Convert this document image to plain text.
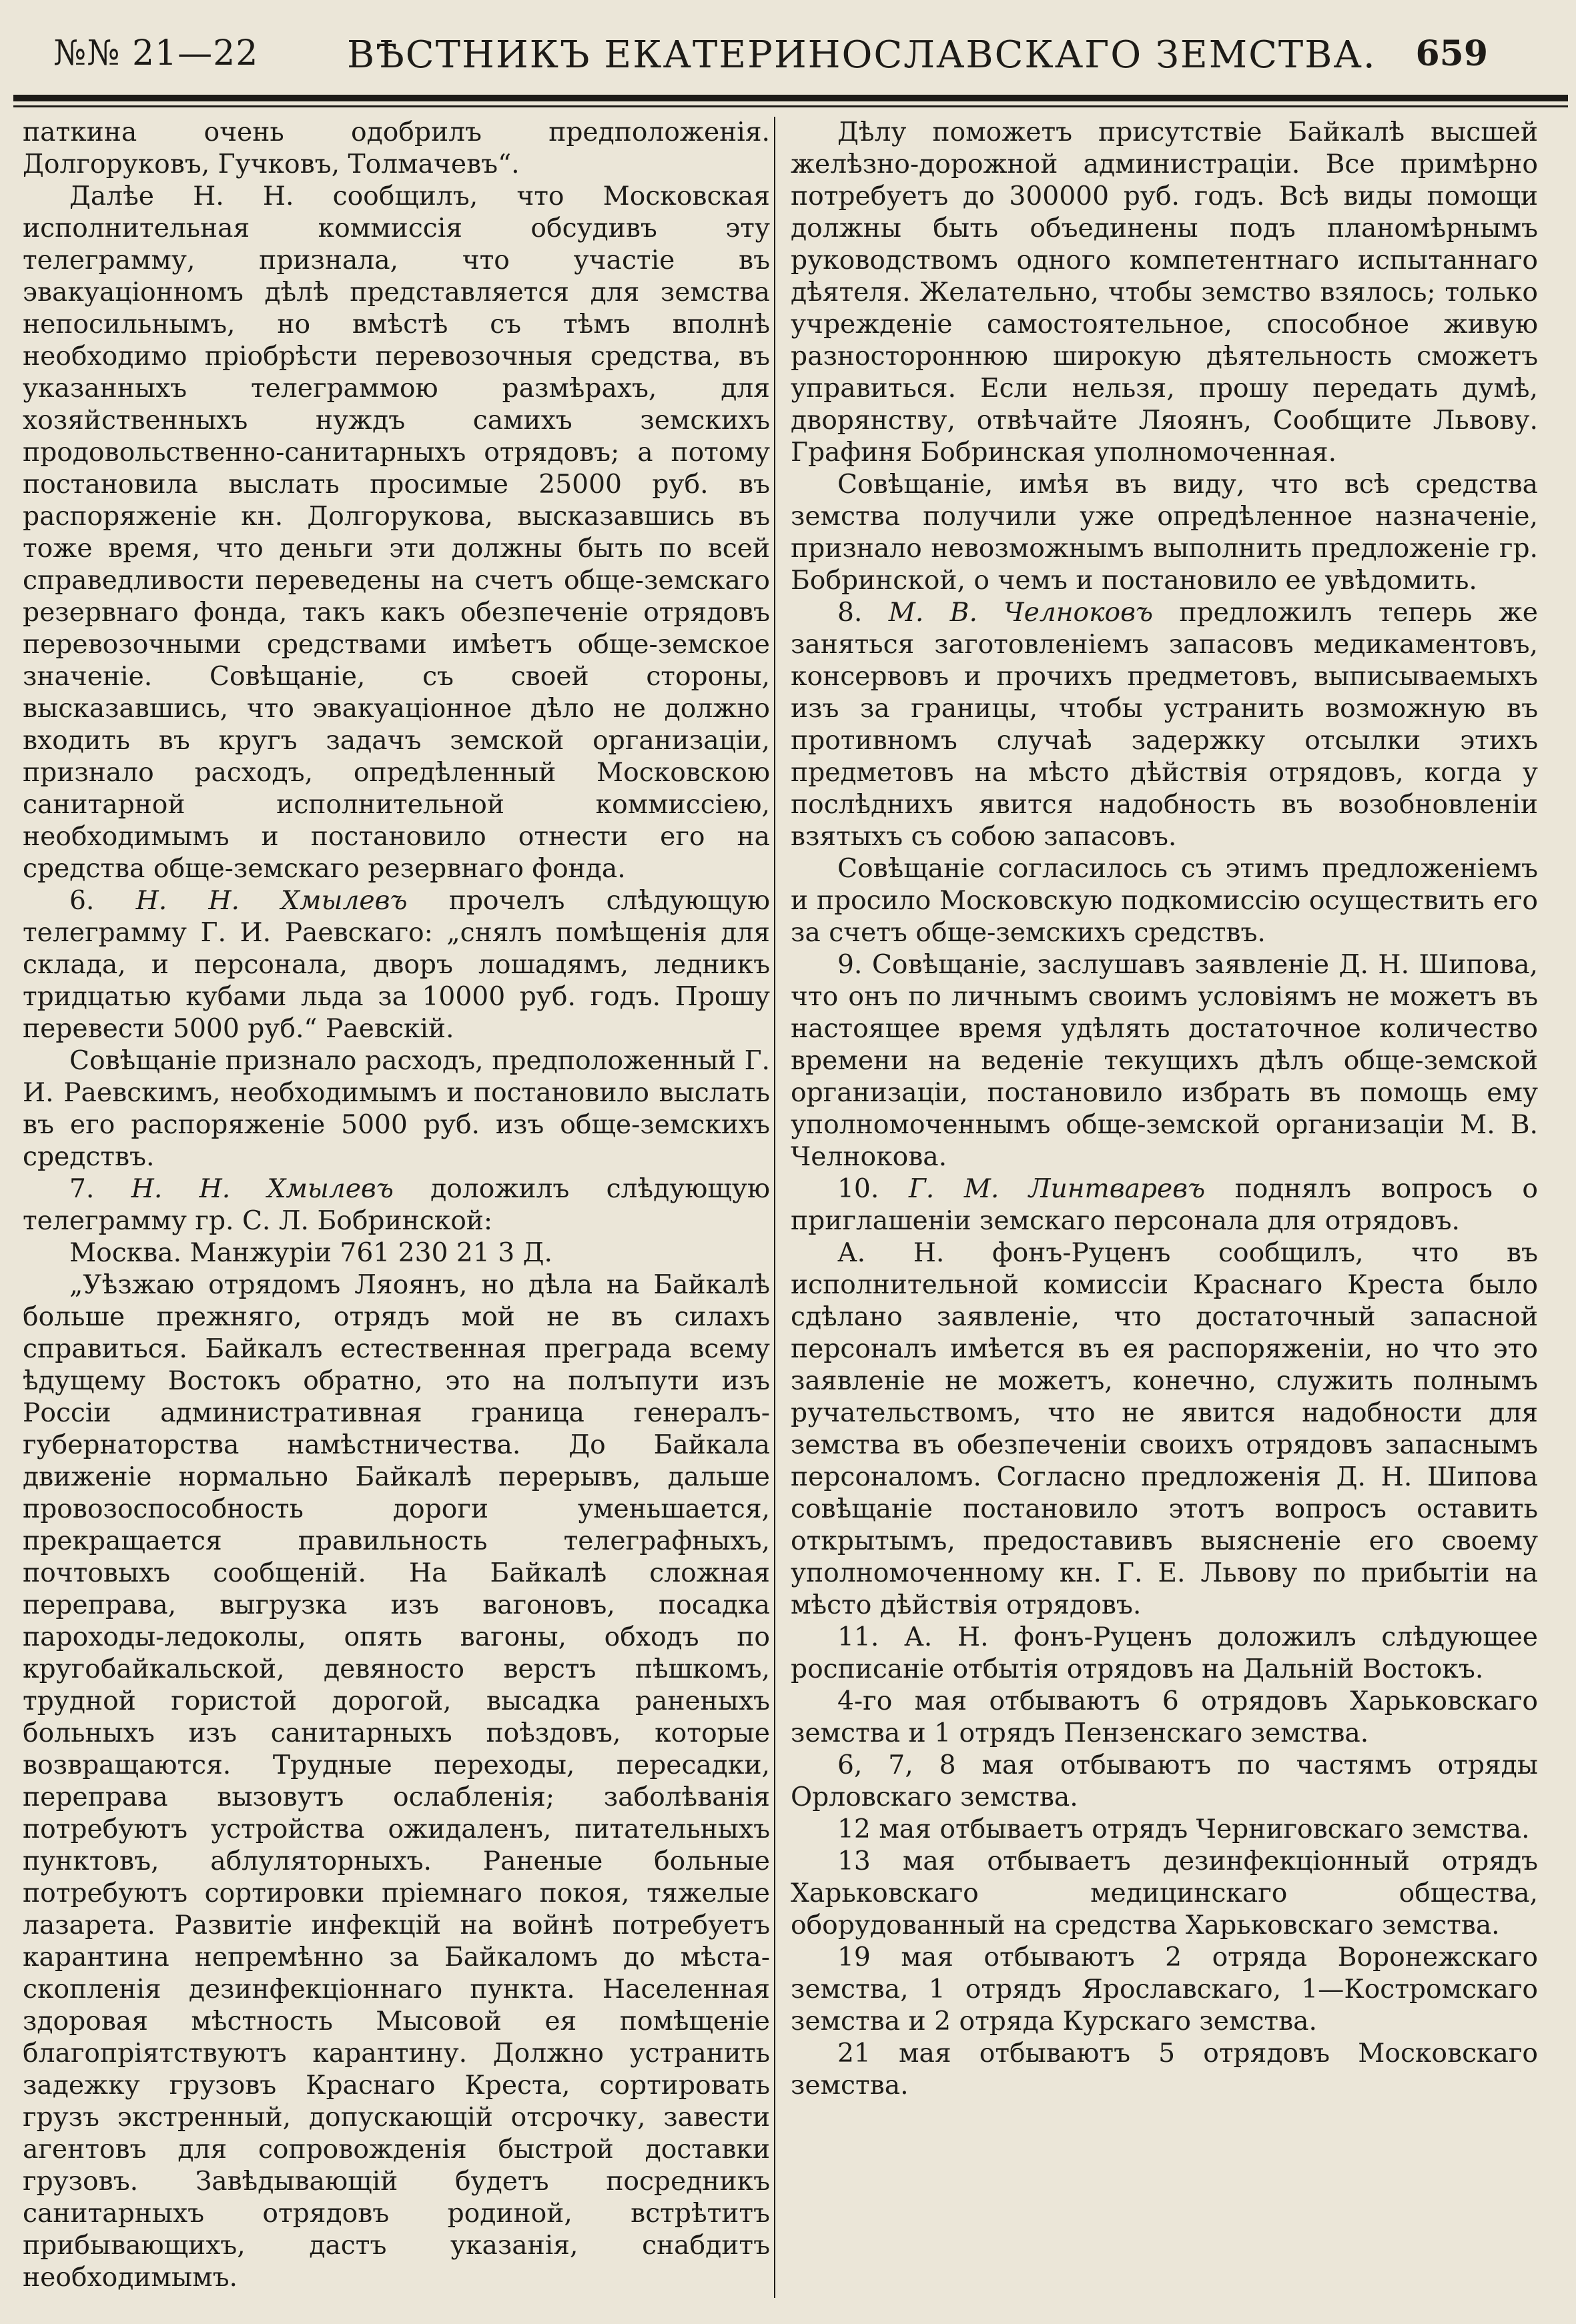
№№ 21—22 ВѢСТНИКЪ ЕКАТЕРИНОСЛАВСКАГО ЗЕМСТВА. 659

паткина очень одобрилъ предположенія. Долгоруковъ, Гучковъ, Толмачевъ“.

Далѣе Н. Н. сообщилъ, что Московская исполнительная коммиссія обсудивъ эту телеграмму, признала, что участіе въ эвакуаціонномъ дѣлѣ представляется для земства непосильнымъ, но вмѣстѣ съ тѣмъ вполнѣ необходимо пріобрѣсти перевозочныя средства, въ указанныхъ телеграммою размѣрахъ, для хозяйственныхъ нуждъ самихъ земскихъ продовольственно-санитарныхъ отрядовъ; а потому постановила выслать просимые 25000 руб. въ распоряженіе кн. Долгорукова, высказавшись въ тоже время, что деньги эти должны быть по всей справедливости переведены на счетъ обще-земскаго резервнаго фонда, такъ какъ обезпеченіе отрядовъ перевозочными средствами имѣетъ обще-земское значеніе. Совѣщаніе, съ своей стороны, высказавшись, что эвакуаціонное дѣло не должно входить въ кругъ задачъ земской организаціи, признало расходъ, опредѣленный Московскою санитарной исполнительной коммиссіею, необходимымъ и постановило отнести его на средства обще-земскаго резервнаго фонда.

6. Н. Н. Хмылевъ прочелъ слѣдующую телеграмму Г. И. Раевскаго: „снялъ помѣщенія для склада, и персонала, дворъ лошадямъ, ледникъ тридцатью кубами льда за 10000 руб. годъ. Прошу перевести 5000 руб.“ Раевскій.

Совѣщаніе признало расходъ, предположенный Г. И. Раевскимъ, необходимымъ и постановило выслать въ его распоряженіе 5000 руб. изъ обще-земскихъ средствъ.

7. Н. Н. Хмылевъ доложилъ слѣдующую телеграмму гр. С. Л. Бобринской:

Москва. Манжуріи 761 230 21 3 Д.

„Уѣзжаю отрядомъ Ляоянъ, но дѣла на Байкалѣ больше прежняго, отрядъ мой не въ силахъ справиться. Байкалъ естественная преграда всему ѣдущему Востокъ обратно, это на полъпути изъ Россіи административная граница генералъ-губернаторства намѣстничества. До Байкала движеніе нормально Байкалѣ перерывъ, дальше провозоспособность дороги уменьшается, прекращается правильность телеграфныхъ, почтовыхъ сообщеній. На Байкалѣ сложная переправа, выгрузка изъ вагоновъ, посадка пароходы-ледоколы, опять вагоны, обходъ по кругобайкальской, девяносто верстъ пѣшкомъ, трудной гористой дорогой, высадка раненыхъ больныхъ изъ санитарныхъ поѣздовъ, которые возвращаются. Трудные переходы, пересадки, переправа вызовутъ ослабленія; заболѣванія потребуютъ устройства ожидаленъ, питательныхъ пунктовъ, аблуляторныхъ. Раненые больные потребуютъ сортировки пріемнаго покоя, тяжелые лазарета. Развитіе инфекцій на войнѣ потребуетъ карантина непремѣнно за Байкаломъ до мѣста-скопленія дезинфекціоннаго пункта. Населенная здоровая мѣстность Мысовой ея помѣщеніе благопріятствуютъ карантину. Должно устранить задежку грузовъ Краснаго Креста, сортировать грузъ экстренный, допускающій отсрочку, завести агентовъ для сопровожденія быстрой доставки грузовъ. Завѣдывающій будетъ посредникъ санитарныхъ отрядовъ родиной, встрѣтитъ прибывающихъ, дастъ указанія, снабдитъ необходимымъ.

Дѣлу поможетъ присутствіе Байкалѣ высшей желѣзно-дорожной администраціи. Все примѣрно потребуетъ до 300000 руб. годъ. Всѣ виды помощи должны быть объединены подъ планомѣрнымъ руководствомъ одного компетентнаго испытаннаго дѣятеля. Желательно, чтобы земство взялось; только учрежденіе самостоятельное, способное живую разностороннюю широкую дѣятельность сможетъ управиться. Если нельзя, прошу передать думѣ, дворянству, отвѣчайте Ляоянъ, Сообщите Львову. Графиня Бобринская уполномоченная.

Совѣщаніе, имѣя въ виду, что всѣ средства земства получили уже опредѣленное назначеніе, признало невозможнымъ выполнить предложеніе гр. Бобринской, о чемъ и постановило ее увѣдомить.

8. М. В. Челноковъ предложилъ теперь же заняться заготовленіемъ запасовъ медикаментовъ, консервовъ и прочихъ предметовъ, выписываемыхъ изъ за границы, чтобы устранить возможную въ противномъ случаѣ задержку отсылки этихъ предметовъ на мѣсто дѣйствія отрядовъ, когда у послѣднихъ явится надобность въ возобновленіи взятыхъ съ собою запасовъ.

Совѣщаніе согласилось съ этимъ предложеніемъ и просило Московскую подкомиссію осуществить его за счетъ обще-земскихъ средствъ.

9. Совѣщаніе, заслушавъ заявленіе Д. Н. Шипова, что онъ по личнымъ своимъ условіямъ не можетъ въ настоящее время удѣлять достаточное количество времени на веденіе текущихъ дѣлъ обще-земской организаціи, постановило избрать въ помощь ему уполномоченнымъ обще-земской организаціи М. В. Челнокова.

10. Г. М. Линтваревъ поднялъ вопросъ о приглашеніи земскаго персонала для отрядовъ.

А. Н. фонъ-Руценъ сообщилъ, что въ исполнительной комиссіи Краснаго Креста было сдѣлано заявленіе, что достаточный запасной персоналъ имѣется въ ея распоряженіи, но что это заявленіе не можетъ, конечно, служить полнымъ ручательствомъ, что не явится надобности для земства въ обезпеченіи своихъ отрядовъ запаснымъ персоналомъ. Согласно предложенія Д. Н. Шипова совѣщаніе постановило этотъ вопросъ оставить открытымъ, предоставивъ выясненіе его своему уполномоченному кн. Г. Е. Львову по прибытіи на мѣсто дѣйствія отрядовъ.

11. А. Н. фонъ-Руценъ доложилъ слѣдующее росписаніе отбытія отрядовъ на Дальній Востокъ.

4-го мая отбываютъ 6 отрядовъ Харьковскаго земства и 1 отрядъ Пензенскаго земства.

6, 7, 8 мая отбываютъ по частямъ отряды Орловскаго земства.

12 мая отбываетъ отрядъ Черниговскаго земства.

13 мая отбываетъ дезинфекціонный отрядъ Харьковскаго медицинскаго общества, оборудованный на средства Харьковскаго земства.

19 мая отбываютъ 2 отряда Воронежскаго земства, 1 отрядъ Ярославскаго, 1—Костромскаго земства и 2 отряда Курскаго земства.

21 мая отбываютъ 5 отрядовъ Московскаго земства.
